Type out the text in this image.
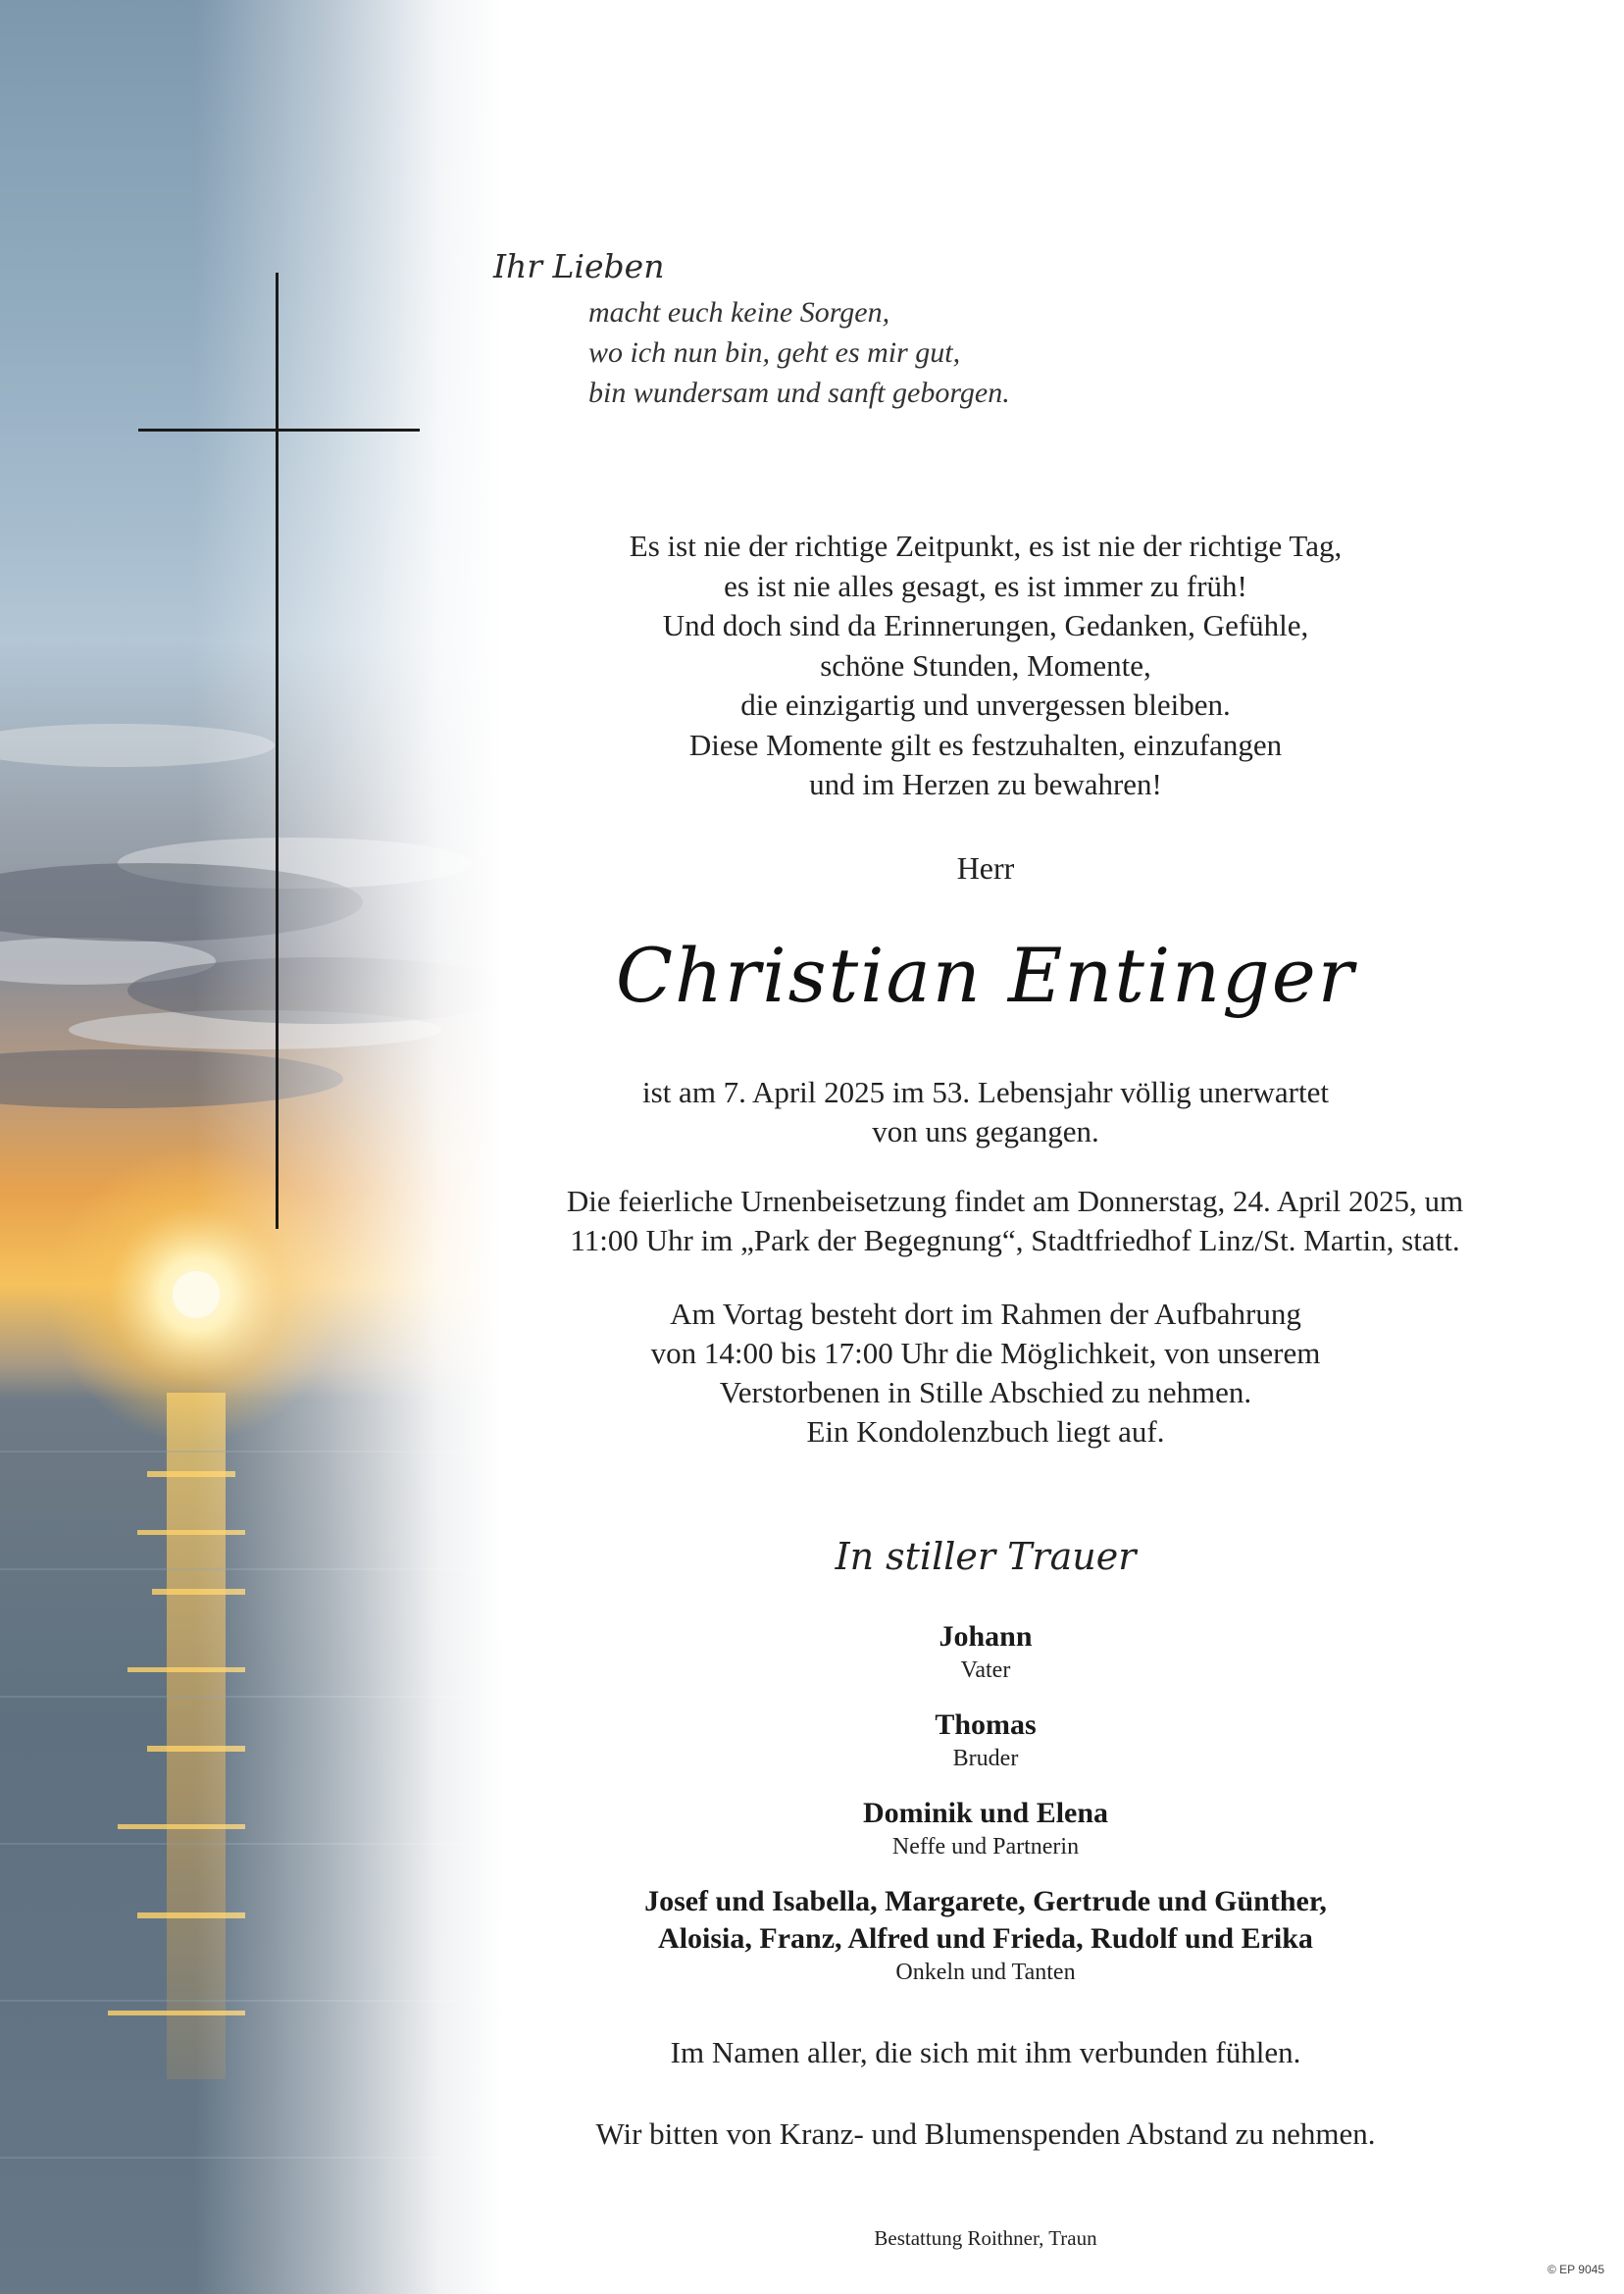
Ihr Lieben
macht euch keine Sorgen,
wo ich nun bin, geht es mir gut,
bin wundersam und sanft geborgen.
Es ist nie der richtige Zeitpunkt, es ist nie der richtige Tag,
es ist nie alles gesagt, es ist immer zu früh!
Und doch sind da Erinnerungen, Gedanken, Gefühle,
schöne Stunden, Momente,
die einzigartig und unvergessen bleiben.
Diese Momente gilt es festzuhalten, einzufangen
und im Herzen zu bewahren!
Herr
Christian Entinger
ist am 7. April 2025 im 53. Lebensjahr völlig unerwartet
von uns gegangen.
Die feierliche Urnenbeisetzung findet am Donnerstag, 24. April 2025, um
11:00 Uhr im „Park der Begegnung“, Stadtfriedhof Linz/St. Martin, statt.
Am Vortag besteht dort im Rahmen der Aufbahrung
von 14:00 bis 17:00 Uhr die Möglichkeit, von unserem
Verstorbenen in Stille Abschied zu nehmen.
Ein Kondolenzbuch liegt auf.
In stiller Trauer
Johann
Vater
Thomas
Bruder
Dominik und Elena
Neffe und Partnerin
Josef und Isabella, Margarete, Gertrude und Günther,
Aloisia, Franz, Alfred und Frieda, Rudolf und Erika
Onkeln und Tanten
Im Namen aller, die sich mit ihm verbunden fühlen.
Wir bitten von Kranz- und Blumenspenden Abstand zu nehmen.
Bestattung Roithner, Traun
© EP 9045
